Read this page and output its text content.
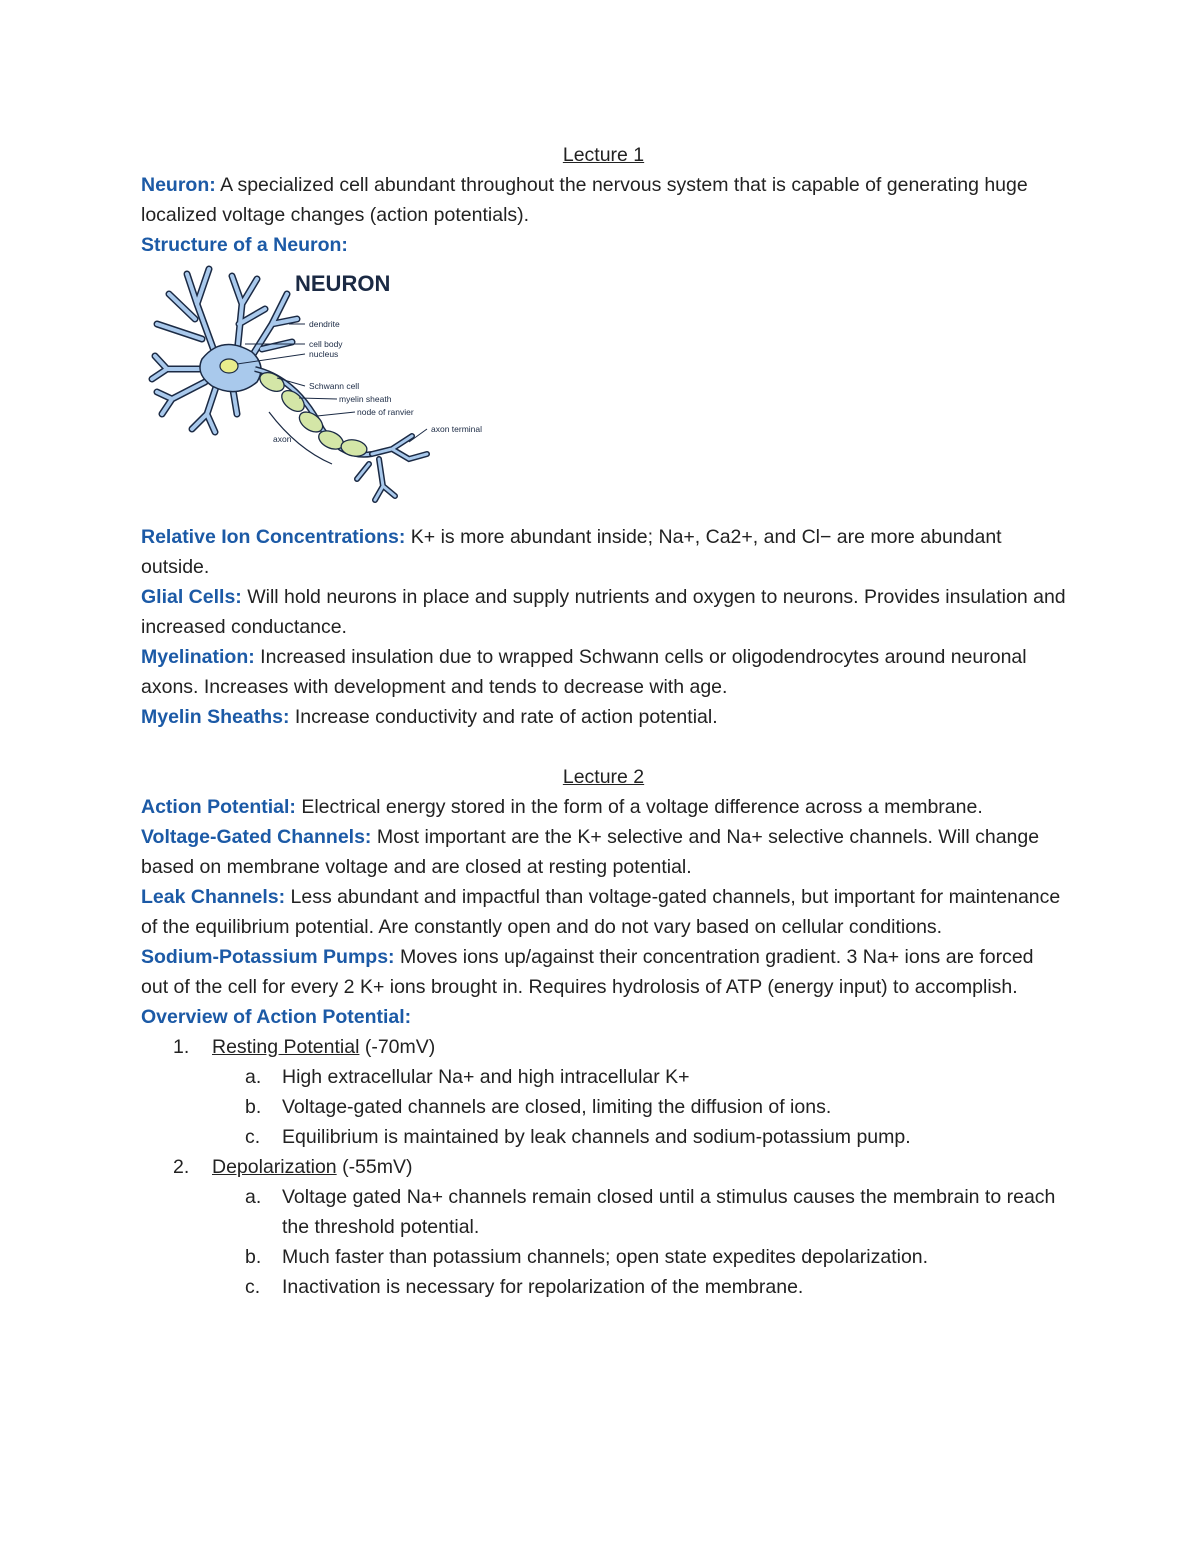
Lecture 1

Neuron: A specialized cell abundant throughout the nervous system that is capable of generating huge localized voltage changes (action potentials).

Structure of a Neuron:

NEURON
dendrite
cell body
nucleus
Schwann cell
myelin sheath
node of ranvier
axon terminal
axon

Relative Ion Concentrations: K+ is more abundant inside; Na+, Ca2+, and Cl− are more abundant outside.

Glial Cells: Will hold neurons in place and supply nutrients and oxygen to neurons. Provides insulation and increased conductance.

Myelination: Increased insulation due to wrapped Schwann cells or oligodendrocytes around neuronal axons. Increases with development and tends to decrease with age.

Myelin Sheaths: Increase conductivity and rate of action potential.

Lecture 2

Action Potential: Electrical energy stored in the form of a voltage difference across a membrane.

Voltage-Gated Channels: Most important are the K+ selective and Na+ selective channels. Will change based on membrane voltage and are closed at resting potential.

Leak Channels: Less abundant and impactful than voltage-gated channels, but important for maintenance of the equilibrium potential. Are constantly open and do not vary based on cellular conditions.

Sodium-Potassium Pumps: Moves ions up/against their concentration gradient. 3 Na+ ions are forced out of the cell for every 2 K+ ions brought in. Requires hydrolosis of ATP (energy input) to accomplish.

Overview of Action Potential:

1. Resting Potential (-70mV)
a. High extracellular Na+ and high intracellular K+
b. Voltage-gated channels are closed, limiting the diffusion of ions.
c. Equilibrium is maintained by leak channels and sodium-potassium pump.
2. Depolarization (-55mV)
a. Voltage gated Na+ channels remain closed until a stimulus causes the membrain to reach the threshold potential.
b. Much faster than potassium channels; open state expedites depolarization.
c. Inactivation is necessary for repolarization of the membrane.
